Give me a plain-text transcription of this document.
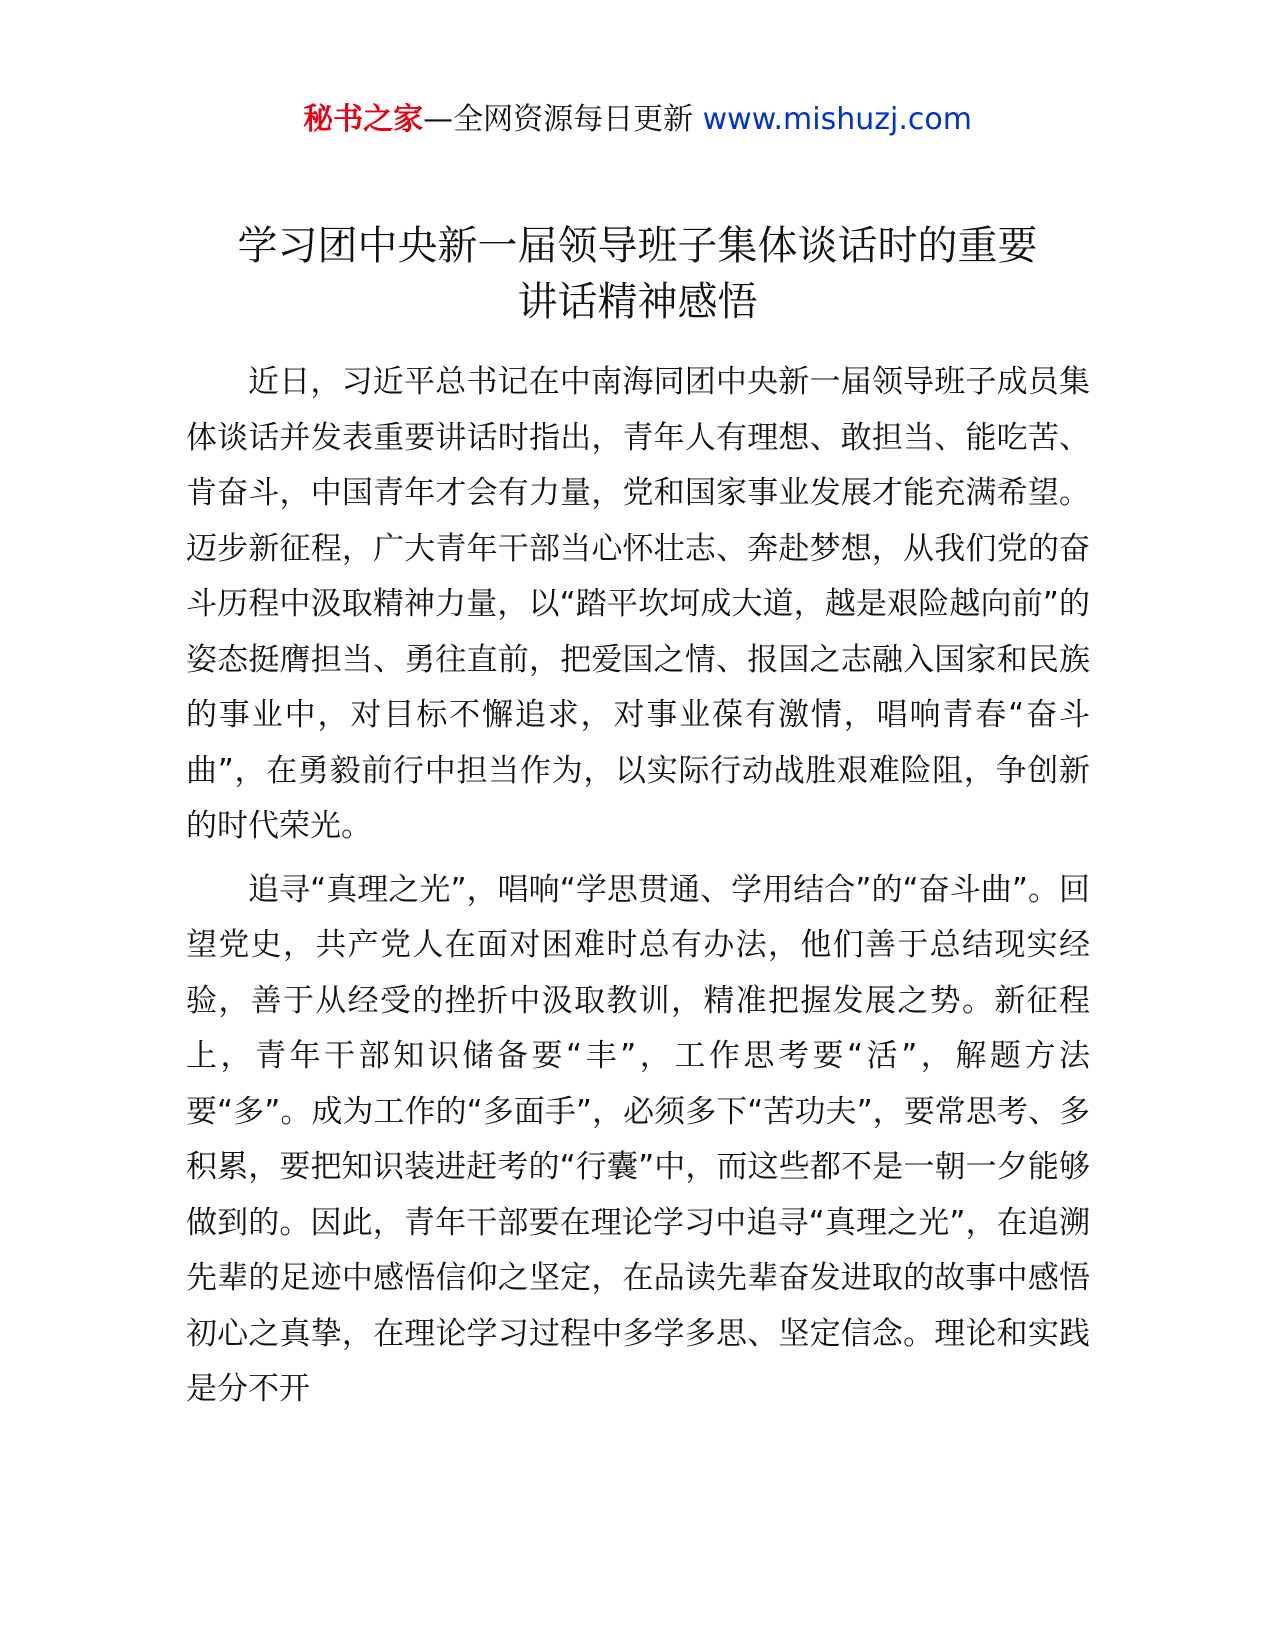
秘书之家—全网资源每日更新 www.mishuzj.com
学习团中央新一届领导班子集体谈话时的重要
讲话精神感悟

近日，习近平总书记在中南海同团中央新一届领导班子成员集体谈话并发表重要讲话时指出，青年人有理想、敢担当、能吃苦、肯奋斗，中国青年才会有力量，党和国家事业发展才能充满希望。迈步新征程，广大青年干部当心怀壮志、奔赴梦想，从我们党的奋斗历程中汲取精神力量，以“踏平坎坷成大道，越是艰险越向前”的姿态挺膺担当、勇往直前，把爱国之情、报国之志融入国家和民族的事业中，对目标不懈追求，对事业葆有激情，唱响青春“奋斗曲”，在勇毅前行中担当作为，以实际行动战胜艰难险阻，争创新的时代荣光。

追寻“真理之光”，唱响“学思贯通、学用结合”的“奋斗曲”。回望党史，共产党人在面对困难时总有办法，他们善于总结现实经验，善于从经受的挫折中汲取教训，精准把握发展之势。新征程上，青年干部知识储备要“丰”，工作思考要“活”，解题方法要“多”。成为工作的“多面手”，必须多下“苦功夫”，要常思考、多积累，要把知识装进赶考的“行囊”中，而这些都不是一朝一夕能够做到的。因此，青年干部要在理论学习中追寻“真理之光”，在追溯先辈的足迹中感悟信仰之坚定，在品读先辈奋发进取的故事中感悟初心之真挚，在理论学习过程中多学多思、坚定信念。理论和实践是分不开
